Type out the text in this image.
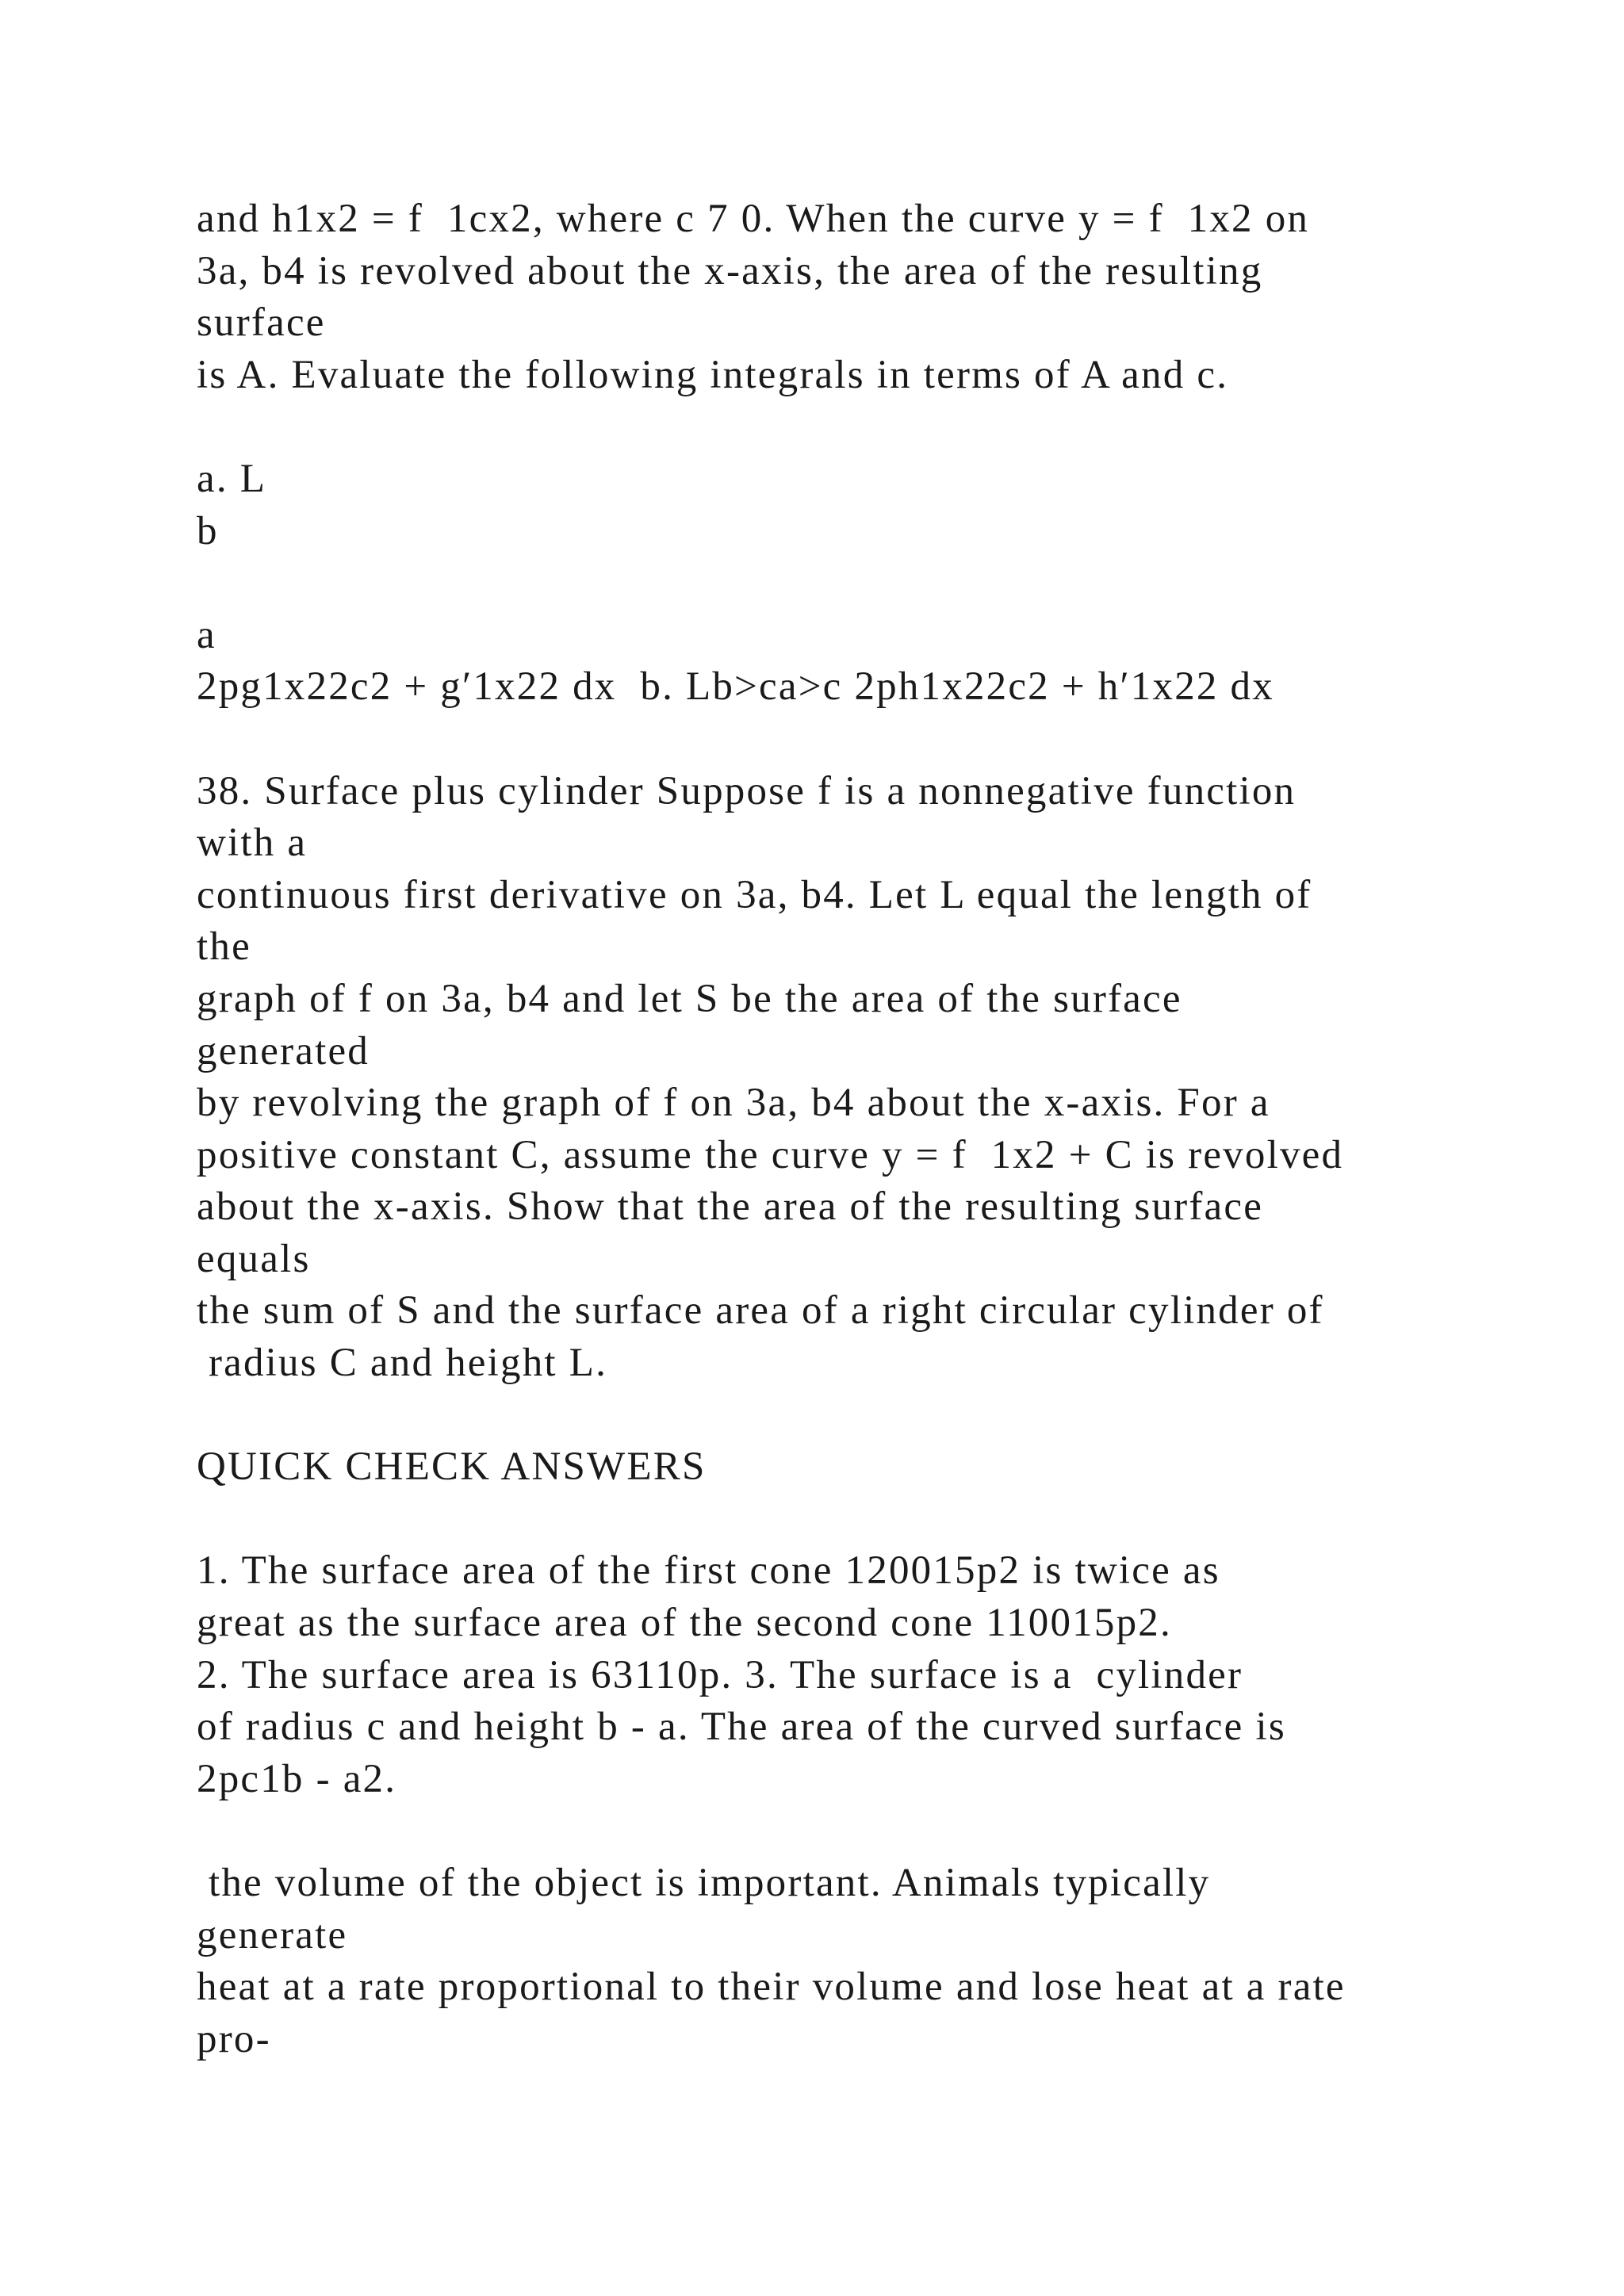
and h1x2 = f  1cx2, where c 7 0. When the curve y = f  1x2 on
3a, b4 is revolved about the x-axis, the area of the resulting
surface
is A. Evaluate the following integrals in terms of A and c.
a. L
b
a
2pg1x22c2 + g′1x22 dx  b. Lb>ca>c 2ph1x22c2 + h′1x22 dx
38. Surface plus cylinder Suppose f is a nonnegative function
with a
continuous first derivative on 3a, b4. Let L equal the length of
the
graph of f on 3a, b4 and let S be the area of the surface
generated
by revolving the graph of f on 3a, b4 about the x-axis. For a
positive constant C, assume the curve y = f  1x2 + C is revolved
about the x-axis. Show that the area of the resulting surface
equals
the sum of S and the surface area of a right circular cylinder of
radius C and height L.
QUICK CHECK ANSWERS
1. The surface area of the first cone 120015p2 is twice as
great as the surface area of the second cone 110015p2.
2. The surface area is 63110p. 3. The surface is a  cylinder
of radius c and height b - a. The area of the curved surface is
2pc1b - a2.
the volume of the object is important. Animals typically
generate
heat at a rate proportional to their volume and lose heat at a rate
pro-
